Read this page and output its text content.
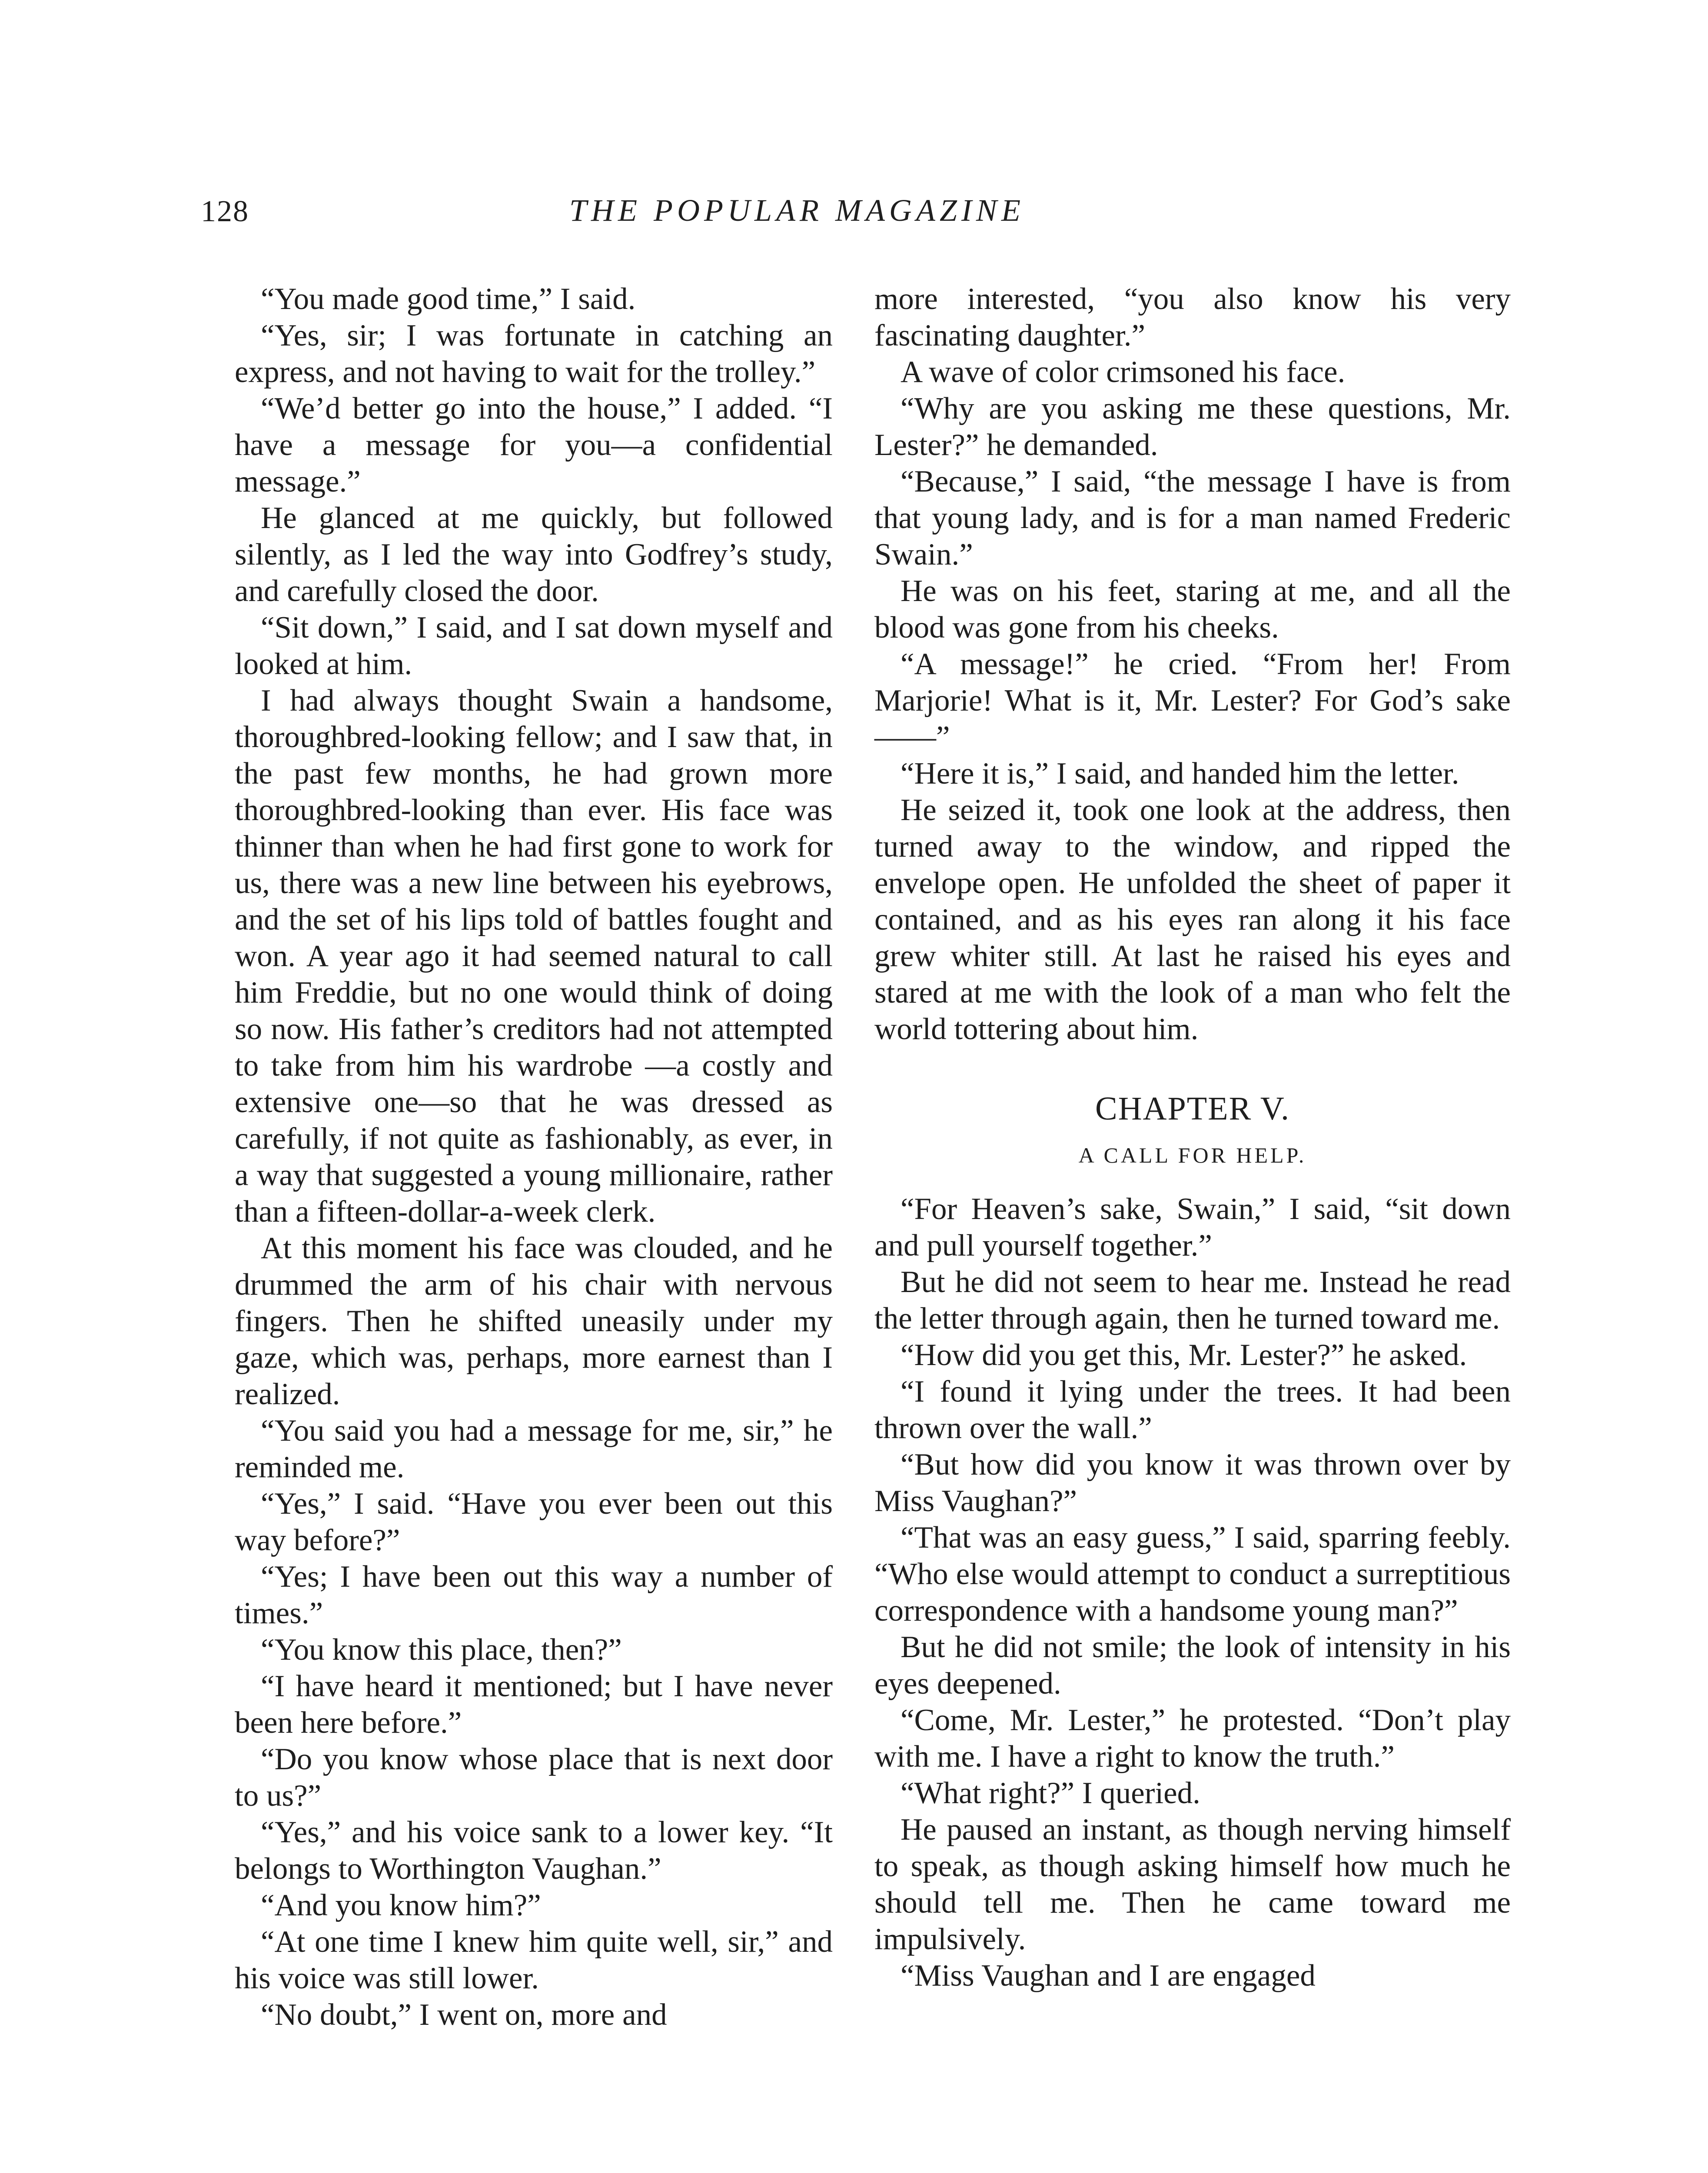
128	THE POPULAR MAGAZINE

“You made good time,” I said.

“Yes, sir; I was fortunate in catching an express, and not having to wait for the trolley.”

“We’d better go into the house,” I added. “I have a message for you—a confidential message.”

He glanced at me quickly, but followed silently, as I led the way into Godfrey’s study, and carefully closed the door.

“Sit down,” I said, and I sat down myself and looked at him.

I had always thought Swain a handsome, thoroughbred-looking fellow; and I saw that, in the past few months, he had grown more thoroughbred-looking than ever. His face was thinner than when he had first gone to work for us, there was a new line between his eyebrows, and the set of his lips told of battles fought and won. A year ago it had seemed natural to call him Freddie, but no one would think of doing so now. His father’s creditors had not attempted to take from him his wardrobe —a costly and extensive one—so that he was dressed as carefully, if not quite as fashionably, as ever, in a way that suggested a young millionaire, rather than a fifteen-dollar-a-week clerk.

At this moment his face was clouded, and he drummed the arm of his chair with nervous fingers. Then he shifted uneasily under my gaze, which was, perhaps, more earnest than I realized.

“You said you had a message for me, sir,” he reminded me.

“Yes,” I said. “Have you ever been out this way before?”

“Yes; I have been out this way a number of times.”

“You know this place, then?”

“I have heard it mentioned; but I have never been here before.”

“Do you know whose place that is next door to us?”

“Yes,” and his voice sank to a lower key. “It belongs to Worthington Vaughan.”

“And you know him?”

“At one time I knew him quite well, sir,” and his voice was still lower.

“No doubt,” I went on, more and

more interested, “you also know his very fascinating daughter.”

A wave of color crimsoned his face.

“Why are you asking me these questions, Mr. Lester?” he demanded.

“Because,” I said, “the message I have is from that young lady, and is for a man named Frederic Swain.”

He was on his feet, staring at me, and all the blood was gone from his cheeks.

“A message!” he cried. “From her! From Marjorie! What is it, Mr. Lester? For God’s sake——”

“Here it is,” I said, and handed him the letter.

He seized it, took one look at the address, then turned away to the window, and ripped the envelope open. He unfolded the sheet of paper it contained, and as his eyes ran along it his face grew whiter still. At last he raised his eyes and stared at me with the look of a man who felt the world tottering about him.

CHAPTER V.
A CALL FOR HELP.

“For Heaven’s sake, Swain,” I said, “sit down and pull yourself together.”

But he did not seem to hear me. Instead he read the letter through again, then he turned toward me.

“How did you get this, Mr. Lester?” he asked.

“I found it lying under the trees. It had been thrown over the wall.”

“But how did you know it was thrown over by Miss Vaughan?”

“That was an easy guess,” I said, sparring feebly. “Who else would attempt to conduct a surreptitious correspondence with a handsome young man?”

But he did not smile; the look of intensity in his eyes deepened.

“Come, Mr. Lester,” he protested. “Don’t play with me. I have a right to know the truth.”

“What right?” I queried.

He paused an instant, as though nerving himself to speak, as though asking himself how much he should tell me. Then he came toward me impulsively.

“Miss Vaughan and I are engaged
